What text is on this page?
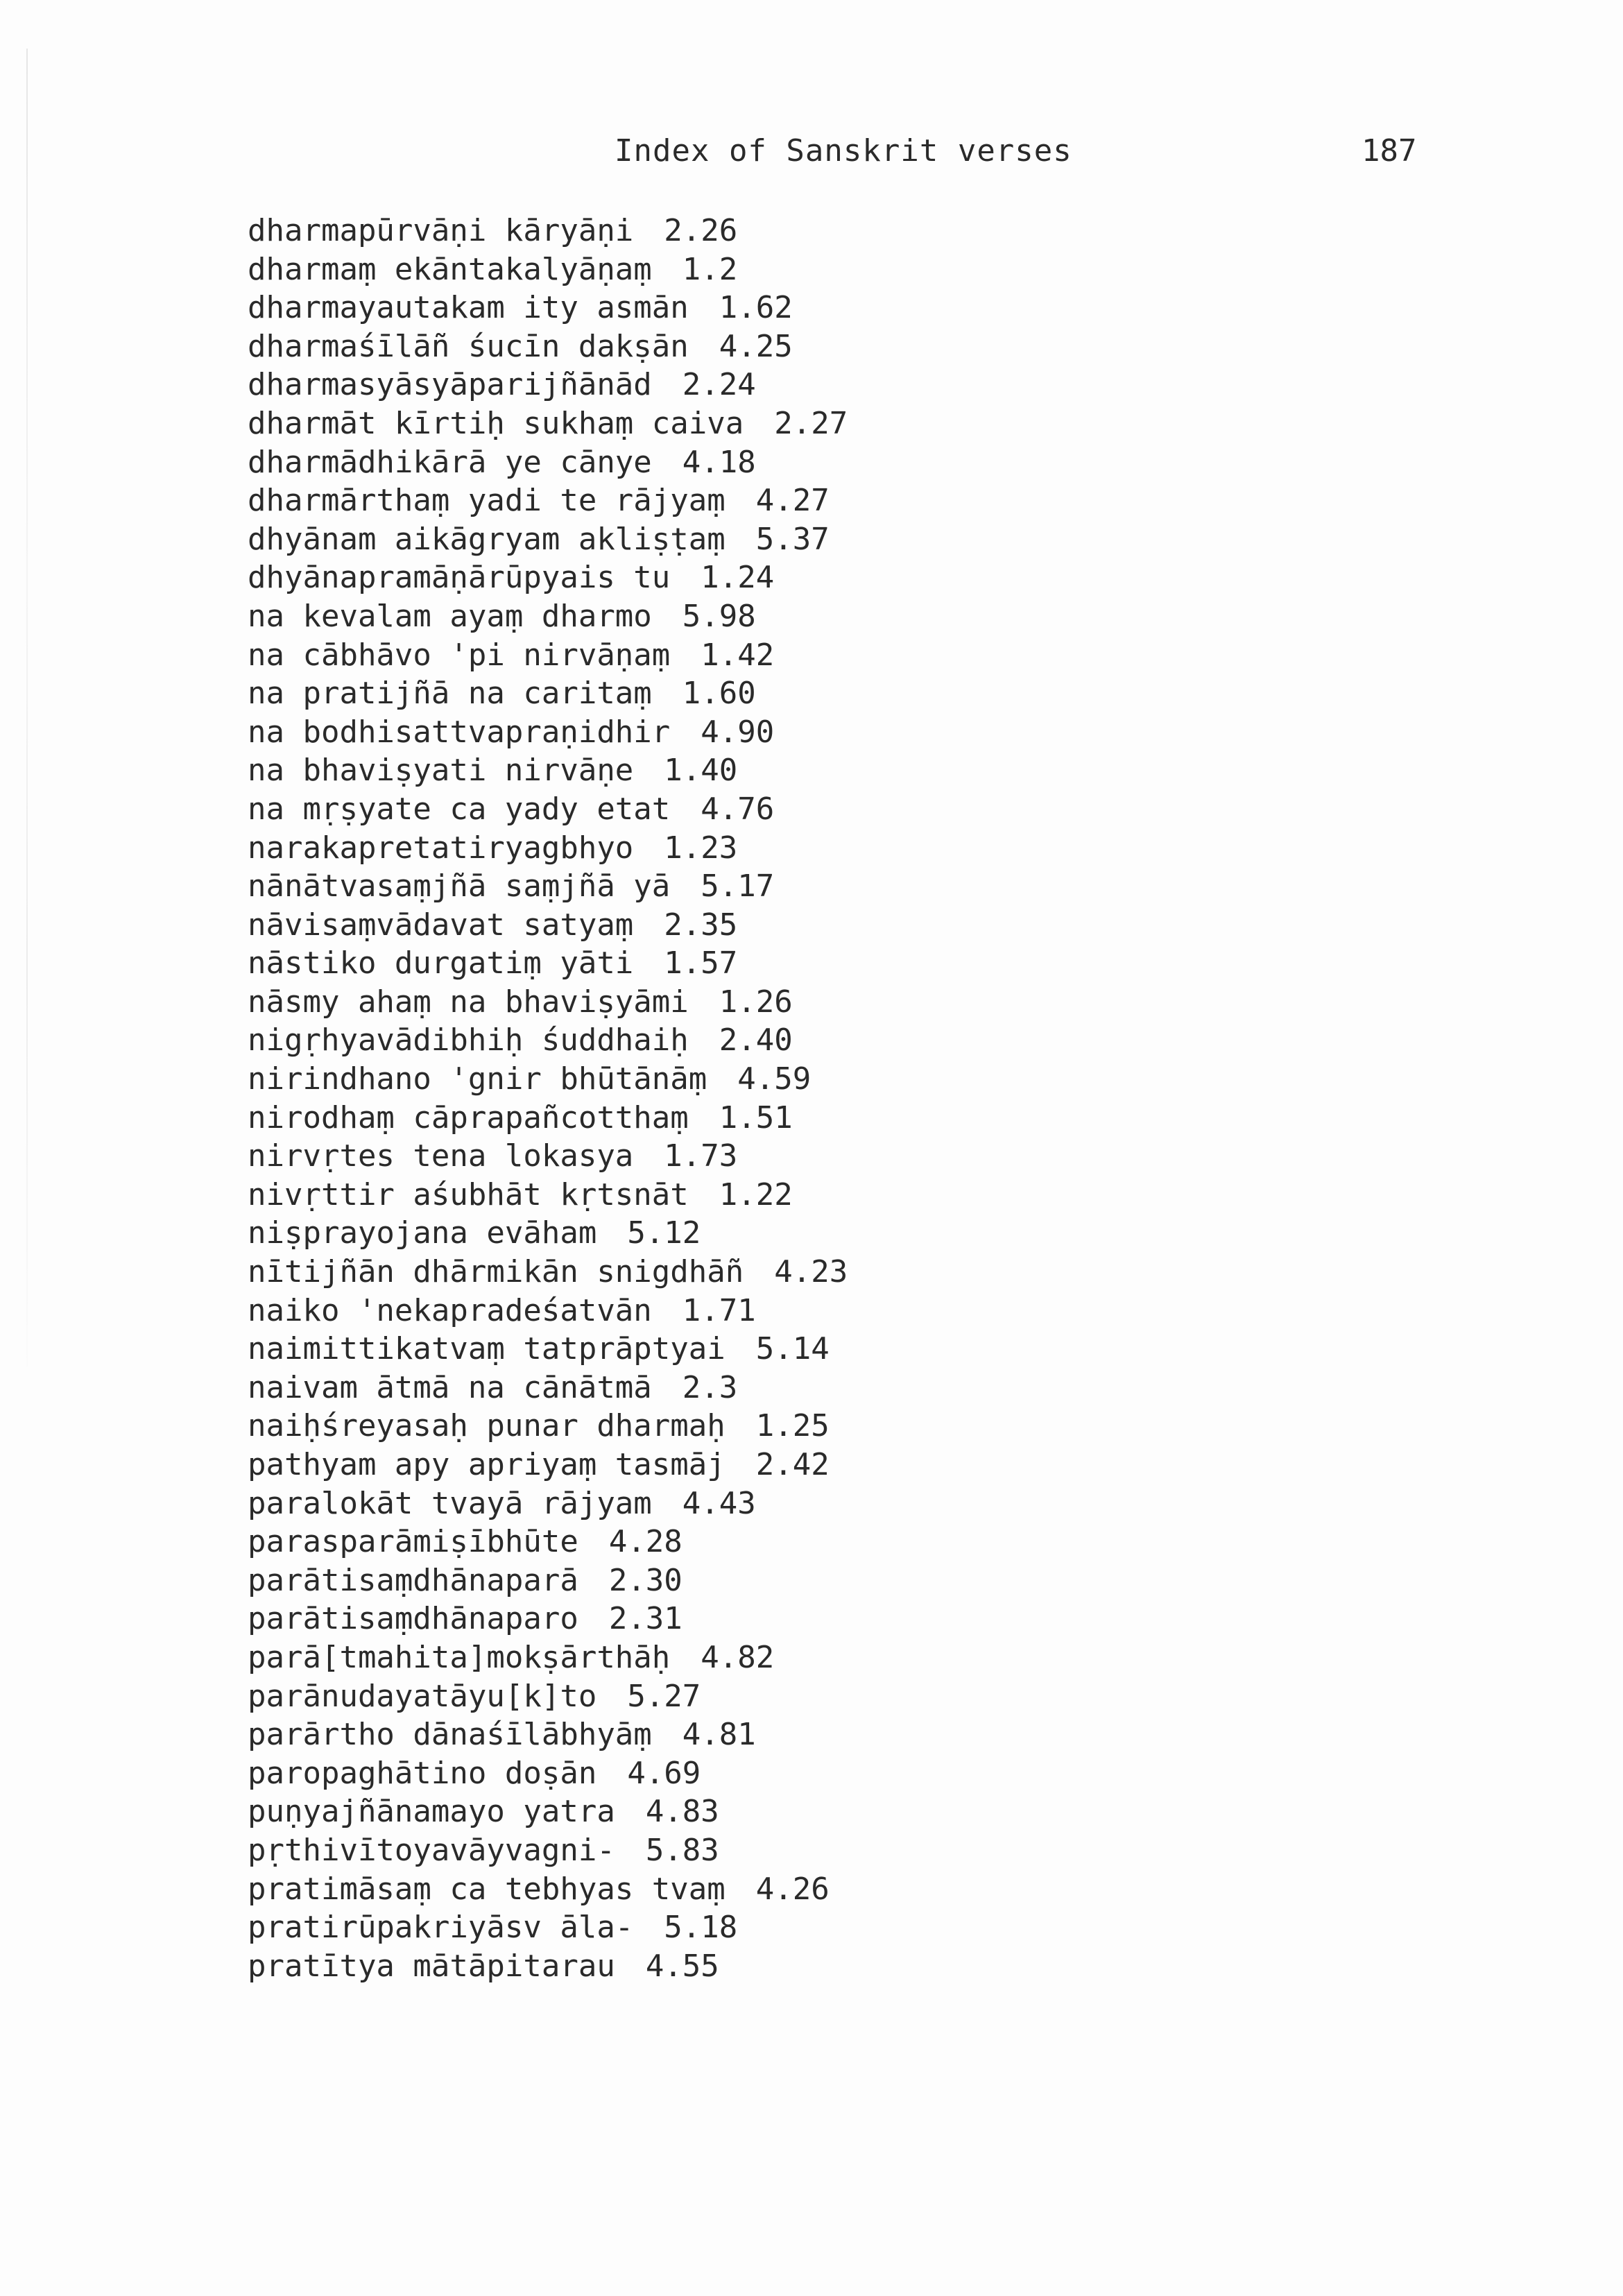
Index of Sanskrit verses	187
dharmapūrvāṇi kāryāṇi 2.26
dharmaṃ ekāntakalyāṇaṃ 1.2
dharmayautakam ity asmān 1.62
dharmaśīlāñ śucīn dakṣān 4.25
dharmasyāsyāparijñānād 2.24
dharmāt kīrtiḥ sukhaṃ caiva 2.27
dharmādhikārā ye cānye 4.18
dharmārthaṃ yadi te rājyaṃ 4.27
dhyānam aikāgryam akliṣṭaṃ 5.37
dhyānapramāṇārūpyais tu 1.24
na kevalam ayaṃ dharmo 5.98
na cābhāvo 'pi nirvāṇaṃ 1.42
na pratijñā na caritaṃ 1.60
na bodhisattvapraṇidhir 4.90
na bhaviṣyati nirvāṇe 1.40
na mṛṣyate ca yady etat 4.76
narakapretatiryagbhyo 1.23
nānātvasaṃjñā saṃjñā yā 5.17
nāvisaṃvādavat satyaṃ 2.35
nāstiko durgatiṃ yāti 1.57
nāsmy ahaṃ na bhaviṣyāmi 1.26
nigṛhyavādibhiḥ śuddhaiḥ 2.40
nirindhano 'gnir bhūtānāṃ 4.59
nirodhaṃ cāprapañcotthaṃ 1.51
nirvṛtes tena lokasya 1.73
nivṛttir aśubhāt kṛtsnāt 1.22
niṣprayojana evāham 5.12
nītijñān dhārmikān snigdhāñ 4.23
naiko 'nekapradeśatvān 1.71
naimittikatvaṃ tatprāptyai 5.14
naivam ātmā na cānātmā 2.3
naiḥśreyasaḥ punar dharmaḥ 1.25
pathyam apy apriyaṃ tasmāj 2.42
paralokāt tvayā rājyam 4.43
parasparāmiṣībhūte 4.28
parātisaṃdhānaparā 2.30
parātisaṃdhānaparo 2.31
parā[tmahita]mokṣārthāḥ 4.82
parānudayatāyu[k]to 5.27
parārtho dānaśīlābhyāṃ 4.81
paropaghātino doṣān 4.69
puṇyajñānamayo yatra 4.83
pṛthivītoyavāyvagni- 5.83
pratimāsaṃ ca tebhyas tvaṃ 4.26
pratirūpakriyāsv āla- 5.18
pratītya mātāpitarau 4.55
